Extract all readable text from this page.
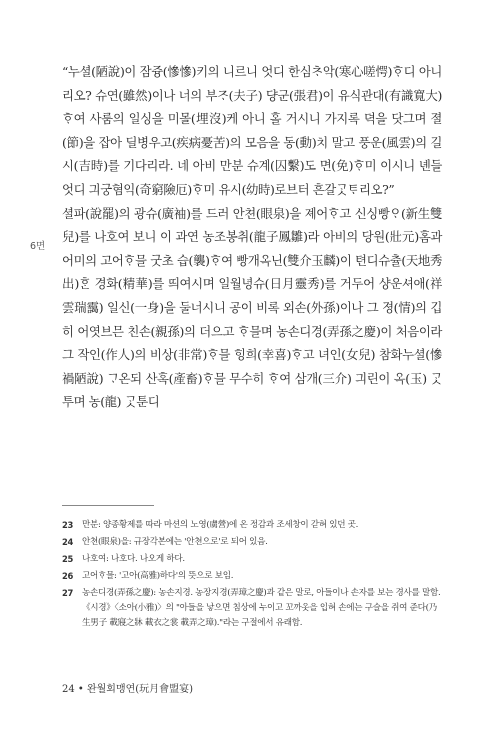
6면

“누셜(陋說)이 잠즁(慘慘)키의 니르니 엇디 한심ᄎᆞ악(寒心嗟愕)ᄒᆞ디 아니리오? 슈연(雖然)이나 너의 부ᄌᆞ(夫子) 댱군(張君)이 유식관대(有識寬大)ᄒᆞ여 사룸의 일싱을 미몰(埋沒)케 아니 홀 거시니 가지록 뎍을 닷그며 졀(節)을 잡아 딜병우고(疾病憂苦)의 모음을 동(動)치 말고 풍운(風雲)의 길시(吉時)를 기다리라. 네 아비 만분 슈계(囚繫)도 면(免)ᄒᆞ미 이시니 녠들 엇디 긔궁혐익(奇窮險厄)ᄒᆞ미 유시(幼時)로브터 흔갈ᄀᆞᆺᄐᆞ리오?”

셜파(說罷)의 광슈(廣袖)를 드러 안쳔(眼泉)을 졔어ᄒᆞ고 신싱빵ᄋᆞ(新生雙兒)를 나호여 보니 이 과연 농조봉취(龍子鳳雛)라 아비의 당원(壯元)홈과 어미의 고어ᄒᆞ믈 굿초 습(襲)ᄒᆞ여 빵개옥닌(雙介玉麟)이 텬디슈츌(天地秀出)ᄒᆞᆫ 경화(精華)를 띄여시며 일월녕슈(日月靈秀)를 거두어 샹운셔애(祥雲瑞靄) 일신(一身)을 둘너시니 공이 비록 외손(外孫)이나 그 졍(情)의 깁히 어엿브믄 친손(親孫)의 더으고 ᄒᆞ믈며 농손디경(弄孫之慶)이 처음이라 그 작인(作人)의 비상(非常)ᄒᆞ믈 힝희(幸喜)ᄒᆞ고 녀인(女兒) 참화누셜(慘禍陋說) ᄀᆞ온되 산혹(產畜)ᄒᆞ믈 무수히 ᄒᆞ여 삼개(三介) 긔린이 옥(玉) ᄀᆞᆺ투며 농(龍) ᄀᆞᆺ툰디

23	만분: 양종황제를 따라 마션의 노영(虜營)에 온 정감과 조세창이 갇혀 있던 곳.
24	안쳔(眼泉)을: 규장각본에는 '안쳔으로'로 되어 있음.
25	나호여: 나호다. 나오게 하다.
26	고어ᄒᆞ믈: '고아(高雅)하다'의 뜻으로 보임.
27	농손디경(弄孫之慶): 농손지경. 농장지경(弄璋之慶)과 같은 말로, 아들이나 손자를 보는 경사를 말함. 《시경》〈소아(小雅)〉의 "아들을 낳으면 침상에 누이고 꼬까옷을 입혀 손에는 구슬을 쥐여 준다(乃生男子 載寢之牀 載衣之裳 載弄之璋)."라는 구절에서 유래함.
24 • 완월회맹연(玩月會盟宴)
